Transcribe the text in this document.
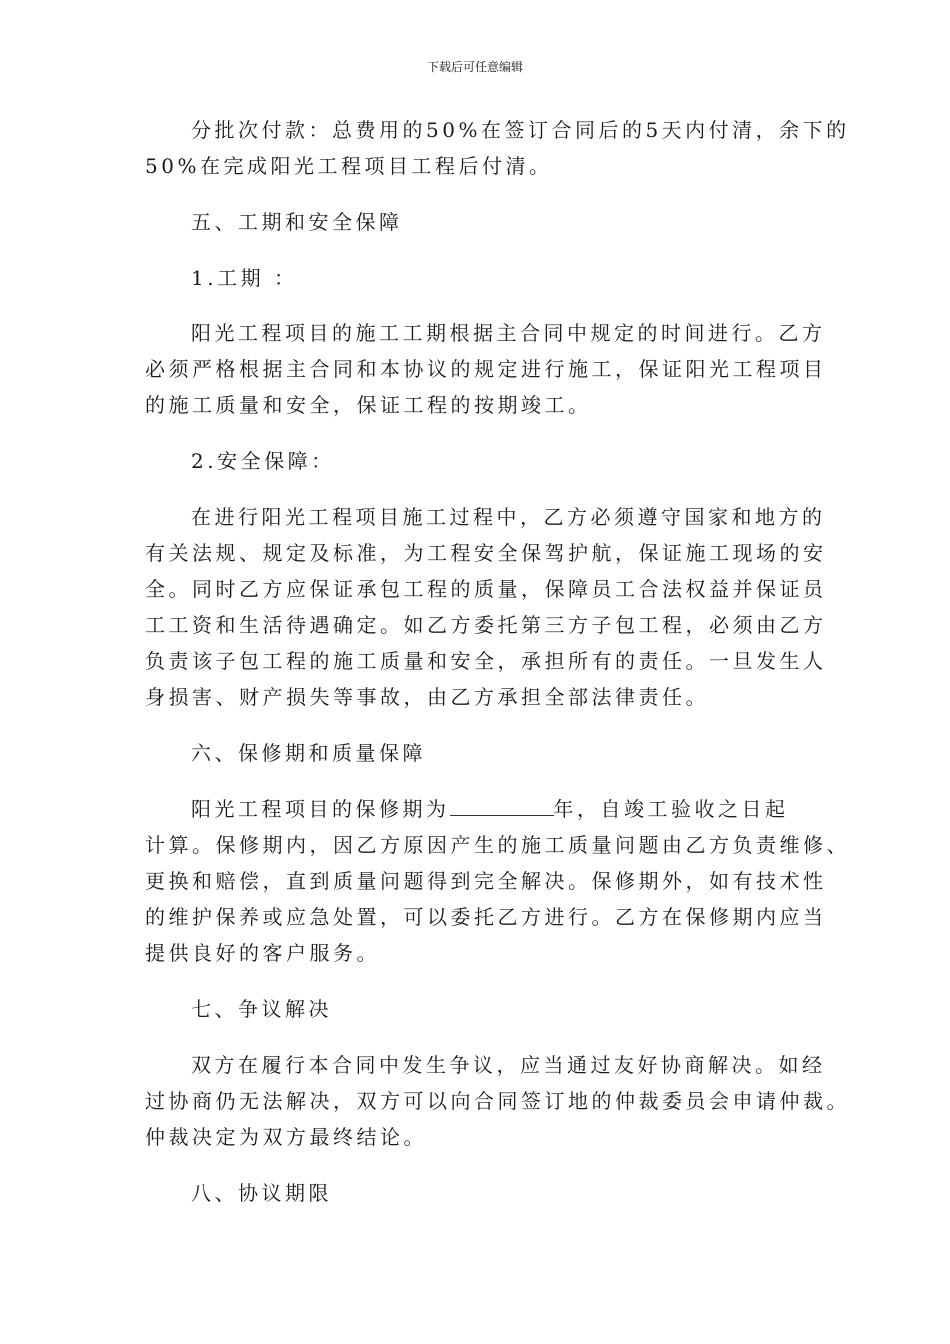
下载后可任意编辑
分批次付款：总费用的50%在签订合同后的5天内付清，余下的
50%在完成阳光工程项目工程后付清。
五、工期和安全保障
1.工期 ：
阳光工程项目的施工工期根据主合同中规定的时间进行。乙方
必须严格根据主合同和本协议的规定进行施工，保证阳光工程项目
的施工质量和安全，保证工程的按期竣工。
2.安全保障：
在进行阳光工程项目施工过程中，乙方必须遵守国家和地方的
有关法规、规定及标准，为工程安全保驾护航，保证施工现场的安
全。同时乙方应保证承包工程的质量，保障员工合法权益并保证员
工工资和生活待遇确定。如乙方委托第三方子包工程，必须由乙方
负责该子包工程的施工质量和安全，承担所有的责任。一旦发生人
身损害、财产损失等事故，由乙方承担全部法律责任。
六、保修期和质量保障
阳光工程项目的保修期为	年，自竣工验收之日起
计算。保修期内，因乙方原因产生的施工质量问题由乙方负责维修、
更换和赔偿，直到质量问题得到完全解决。保修期外，如有技术性
的维护保养或应急处置，可以委托乙方进行。乙方在保修期内应当
提供良好的客户服务。
七、争议解决
双方在履行本合同中发生争议，应当通过友好协商解决。如经
过协商仍无法解决，双方可以向合同签订地的仲裁委员会申请仲裁。
仲裁决定为双方最终结论。
八、协议期限
